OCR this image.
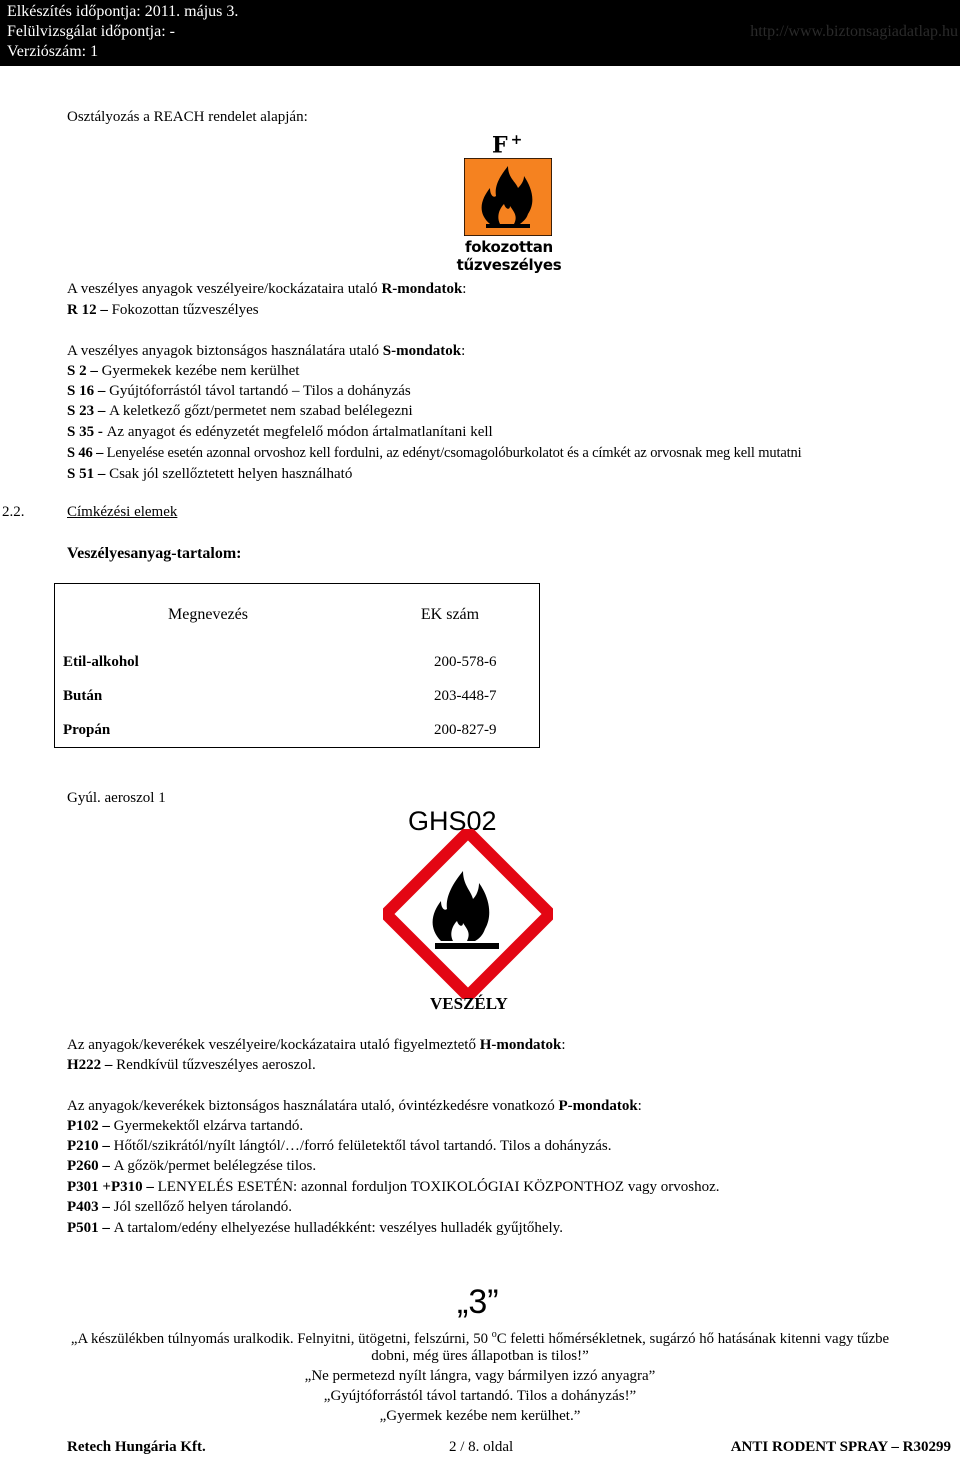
Elkészítés időpontja: 2011. május 3.
Felülvizsgálat időpontja: -
Verziószám: 1
http://www.biztonsagiadatlap.hu
Osztályozás a REACH rendelet alapján:
F +
fokozottan tűzveszélyes
A veszélyes anyagok veszélyeire/kockázataira utaló R-mondatok:
R 12 – Fokozottan tűzveszélyes
A veszélyes anyagok biztonságos használatára utaló S-mondatok:
S 2 – Gyermekek kezébe nem kerülhet
S 16 – Gyújtóforrástól távol tartandó – Tilos a dohányzás
S 23 – A keletkező gőzt/permetet nem szabad belélegezni
S 35 - Az anyagot és edényzetét megfelelő módon ártalmatlanítani kell
S 46 – Lenyelése esetén azonnal orvoshoz kell fordulni, az edényt/csomagolóburkolatot és a címkét az orvosnak meg kell mutatni
S 51 – Csak jól szellőztetett helyen használható
2.2.	Címkézési elemek
Veszélyesanyag-tartalom:
Megnevezés	EK szám
Etil-alkohol	200-578-6
Bután	203-448-7
Propán	200-827-9
Gyúl. aeroszol 1
GHS02
VESZÉLY
Az anyagok/keverékek veszélyeire/kockázataira utaló figyelmeztető H-mondatok:
H222 – Rendkívül tűzveszélyes aeroszol.
Az anyagok/keverékek biztonságos használatára utaló, óvintézkedésre vonatkozó P-mondatok:
P102 – Gyermekektől elzárva tartandó.
P210 – Hőtől/szikrától/nyílt lángtól/…/forró felületektől távol tartandó. Tilos a dohányzás.
P260 – A gőzök/permet belélegzése tilos.
P301 +P310 – LENYELÉS ESETÉN: azonnal forduljon TOXIKOLÓGIAI KÖZPONTHOZ vagy orvoshoz.
P403 – Jól szellőző helyen tárolandó.
P501 – A tartalom/edény elhelyezése hulladékként: veszélyes hulladék gyűjtőhely.
„3”
„A készülékben túlnyomás uralkodik. Felnyitni, ütögetni, felszúrni, 50 $^o$C feletti hőmérsékletnek, sugárzó hő hatásának kitenni vagy tűzbe
dobni, még üres állapotban is tilos!”
„Ne permetezd nyílt lángra, vagy bármilyen izzó anyagra”
„Gyújtóforrástól távol tartandó. Tilos a dohányzás!”
„Gyermek kezébe nem kerülhet.”
Retech Hungária Kft.	2 / 8. oldal	ANTI RODENT SPRAY – R30299
